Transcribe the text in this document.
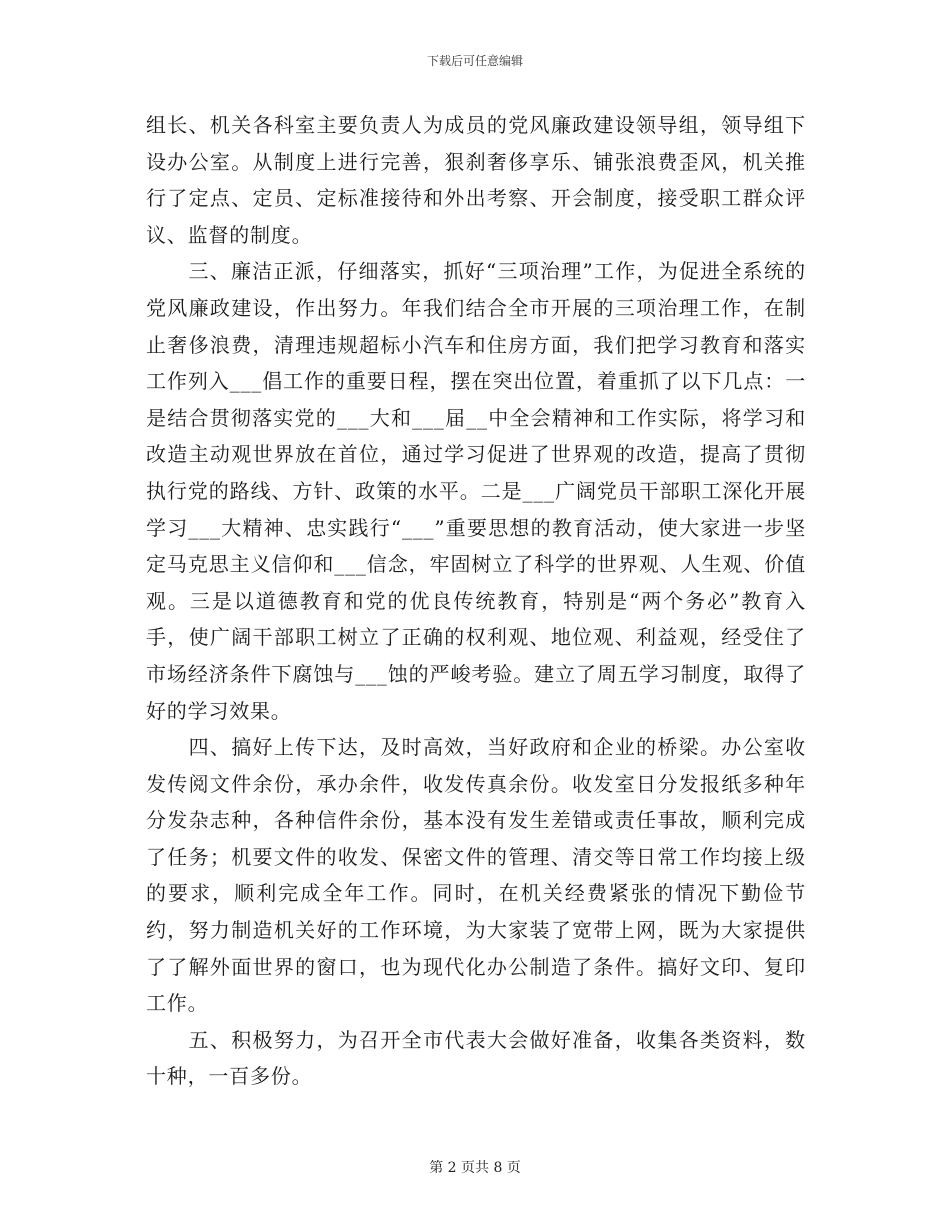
下载后可任意编辑

组长、机关各科室主要负责人为成员的党风廉政建设领导组，领导组下设办公室。从制度上进行完善，狠刹奢侈享乐、铺张浪费歪风，机关推行了定点、定员、定标准接待和外出考察、开会制度，接受职工群众评议、监督的制度。

　　三、廉洁正派，仔细落实，抓好“三项治理”工作，为促进全系统的党风廉政建设，作出努力。年我们结合全市开展的三项治理工作，在制止奢侈浪费，清理违规超标小汽车和住房方面，我们把学习教育和落实工作列入___倡工作的重要日程，摆在突出位置，着重抓了以下几点：一是结合贯彻落实党的___大和___届__中全会精神和工作实际，将学习和改造主动观世界放在首位，通过学习促进了世界观的改造，提高了贯彻执行党的路线、方针、政策的水平。二是___广阔党员干部职工深化开展学习___大精神、忠实践行“___”重要思想的教育活动，使大家进一步坚定马克思主义信仰和___信念，牢固树立了科学的世界观、人生观、价值观。三是以道德教育和党的优良传统教育，特别是“两个务必”教育入手，使广阔干部职工树立了正确的权利观、地位观、利益观，经受住了市场经济条件下腐蚀与___蚀的严峻考验。建立了周五学习制度，取得了好的学习效果。

　　四、搞好上传下达，及时高效，当好政府和企业的桥梁。办公室收发传阅文件余份，承办余件，收发传真余份。收发室日分发报纸多种年分发杂志种，各种信件余份，基本没有发生差错或责任事故，顺利完成了任务；机要文件的收发、保密文件的管理、清交等日常工作均接上级的要求，顺利完成全年工作。同时，在机关经费紧张的情况下勤俭节约，努力制造机关好的工作环境，为大家装了宽带上网，既为大家提供了了解外面世界的窗口，也为现代化办公制造了条件。搞好文印、复印工作。

　　五、积极努力，为召开全市代表大会做好准备，收集各类资料，数十种，一百多份。

第 2 页共 8 页
